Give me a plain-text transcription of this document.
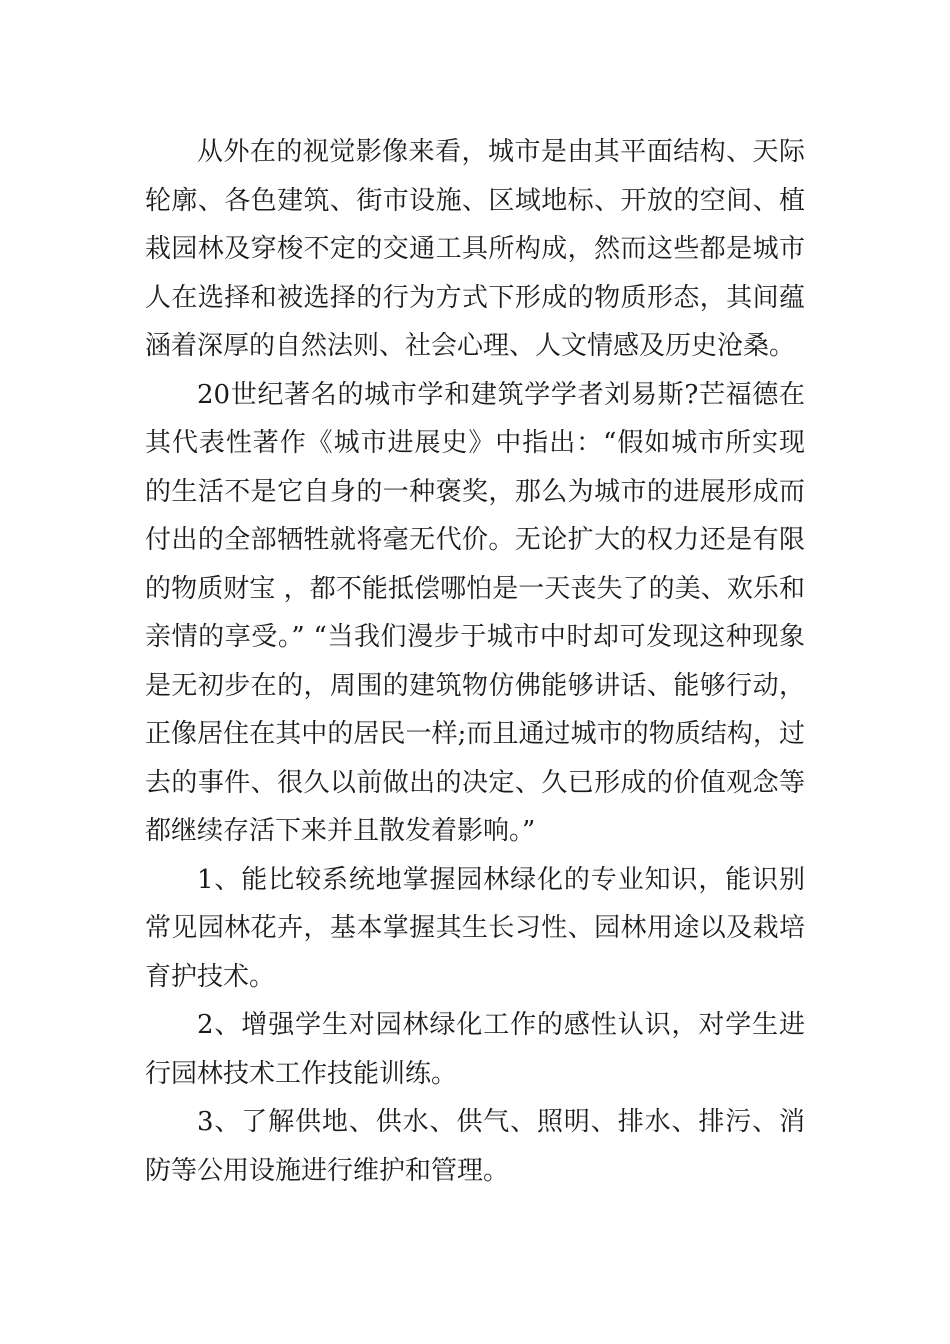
从外在的视觉影像来看，城市是由其平面结构、天际轮廓、各色建筑、街市设施、区域地标、开放的空间、植栽园林及穿梭不定的交通工具所构成，然而这些都是城市人在选择和被选择的行为方式下形成的物质形态，其间蕴涵着深厚的自然法则、社会心理、人文情感及历史沧桑。

20世纪著名的城市学和建筑学学者刘易斯?芒福德在其代表性著作《城市进展史》中指出：“假如城市所实现的生活不是它自身的一种褒奖，那么为城市的进展形成而付出的全部牺牲就将毫无代价。无论扩大的权力还是有限的物质财宝 ，都不能抵偿哪怕是一天丧失了的美、欢乐和亲情的享受。” “当我们漫步于城市中时却可发现这种现象是无初步在的，周围的建筑物仿佛能够讲话、能够行动，正像居住在其中的居民一样;而且通过城市的物质结构，过去的事件、很久以前做出的决定、久已形成的价值观念等都继续存活下来并且散发着影响。”

1、能比较系统地掌握园林绿化的专业知识，能识别常见园林花卉，基本掌握其生长习性、园林用途以及栽培育护技术。

2、增强学生对园林绿化工作的感性认识，对学生进行园林技术工作技能训练。

3、了解供地、供水、供气、照明、排水、排污、消防等公用设施进行维护和管理。
